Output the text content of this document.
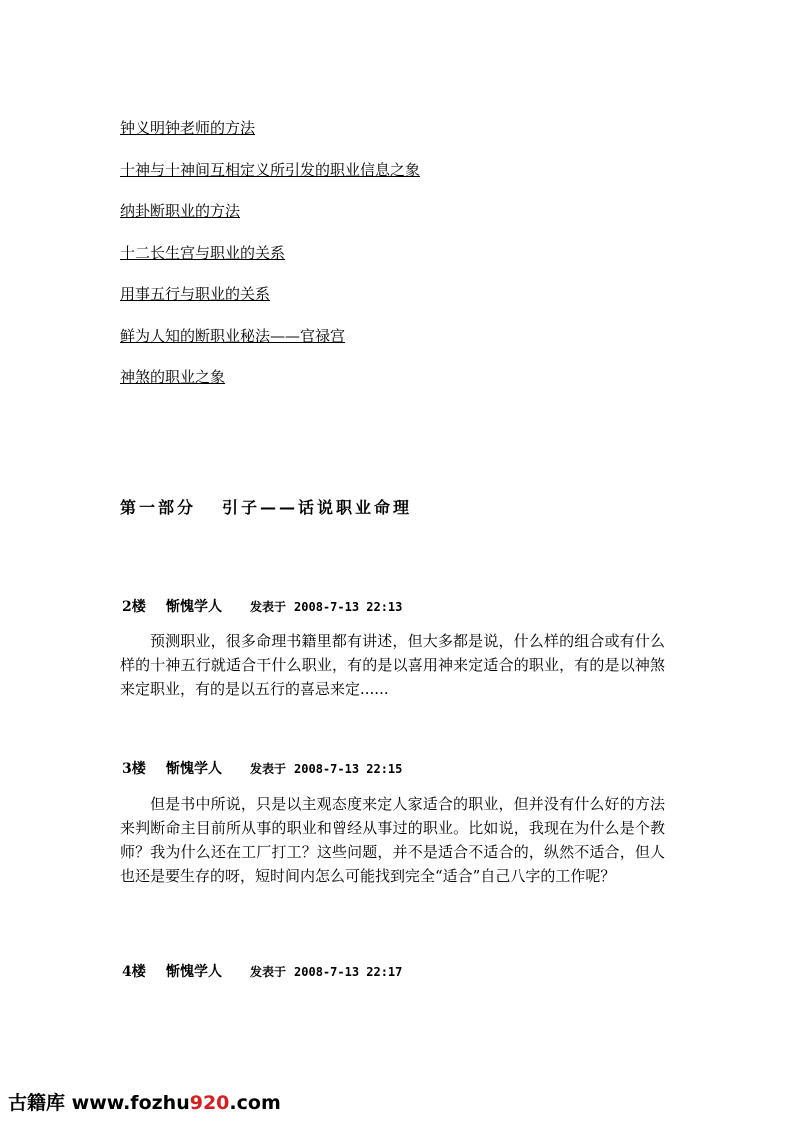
钟义明钟老师的方法
十神与十神间互相定义所引发的职业信息之象
纳卦断职业的方法
十二长生宫与职业的关系
用事五行与职业的关系
鲜为人知的断职业秘法——官禄宫
神煞的职业之象
第一部分 引子——话说职业命理
2楼 惭愧学人 发表于 2008-7-13 22:13
预测职业，很多命理书籍里都有讲述，但大多都是说，什么样的组合或有什么样的十神五行就适合干什么职业，有的是以喜用神来定适合的职业，有的是以神煞来定职业，有的是以五行的喜忌来定......
3楼 惭愧学人 发表于 2008-7-13 22:15
但是书中所说，只是以主观态度来定人家适合的职业，但并没有什么好的方法来判断命主目前所从事的职业和曾经从事过的职业。比如说，我现在为什么是个教师？我为什么还在工厂打工？这些问题，并不是适合不适合的，纵然不适合，但人也还是要生存的呀，短时间内怎么可能找到完全“适合”自己八字的工作呢？
4楼 惭愧学人 发表于 2008-7-13 22:17
古籍库 www.fozhu920.com
